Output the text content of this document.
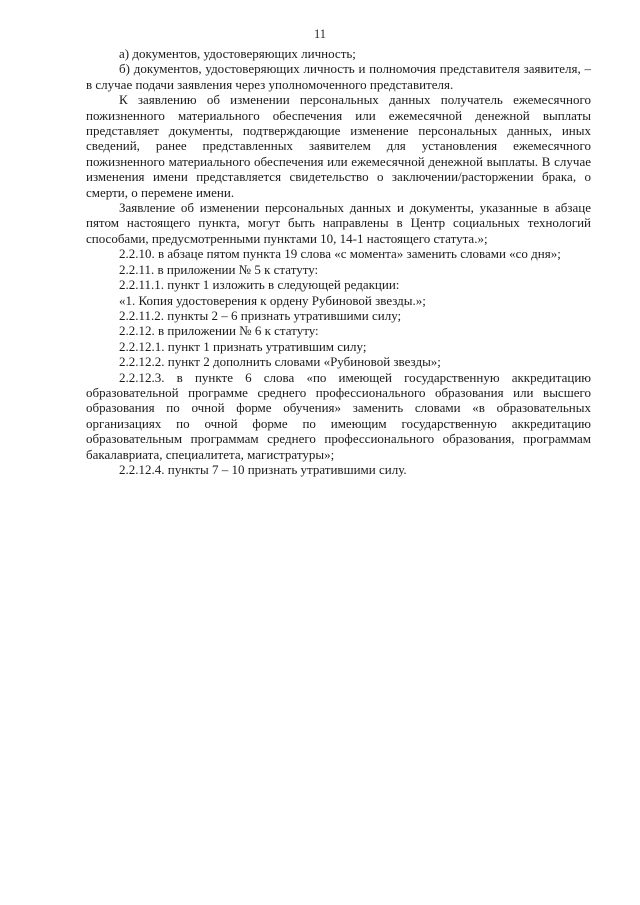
11

а) документов, удостоверяющих личность;

б) документов, удостоверяющих личность и полномочия представителя заявителя, – в случае подачи заявления через уполномоченного представителя.

К заявлению об изменении персональных данных получатель ежемесячного пожизненного материального обеспечения или ежемесячной денежной выплаты представляет документы, подтверждающие изменение персональных данных, иных сведений, ранее представленных заявителем для установления ежемесячного пожизненного материального обеспечения или ежемесячной денежной выплаты. В случае изменения имени представляется свидетельство о заключении/расторжении брака, о смерти, о перемене имени.

Заявление об изменении персональных данных и документы, указанные в абзаце пятом настоящего пункта, могут быть направлены в Центр социальных технологий способами, предусмотренными пунктами 10, 14-1 настоящего статута.»;

2.2.10. в абзаце пятом пункта 19 слова «с момента» заменить словами «со дня»;

2.2.11. в приложении № 5 к статуту:

2.2.11.1. пункт 1 изложить в следующей редакции:

«1. Копия удостоверения к ордену Рубиновой звезды.»;

2.2.11.2. пункты 2 – 6 признать утратившими силу;

2.2.12. в приложении № 6 к статуту:

2.2.12.1. пункт 1 признать утратившим силу;

2.2.12.2. пункт 2 дополнить словами «Рубиновой звезды»;

2.2.12.3. в пункте 6 слова «по имеющей государственную аккредитацию образовательной программе среднего профессионального образования или высшего образования по очной форме обучения» заменить словами «в образовательных организациях по очной форме по имеющим государственную аккредитацию образовательным программам среднего профессионального образования, программам бакалавриата, специалитета, магистратуры»;

2.2.12.4. пункты 7 – 10 признать утратившими силу.
